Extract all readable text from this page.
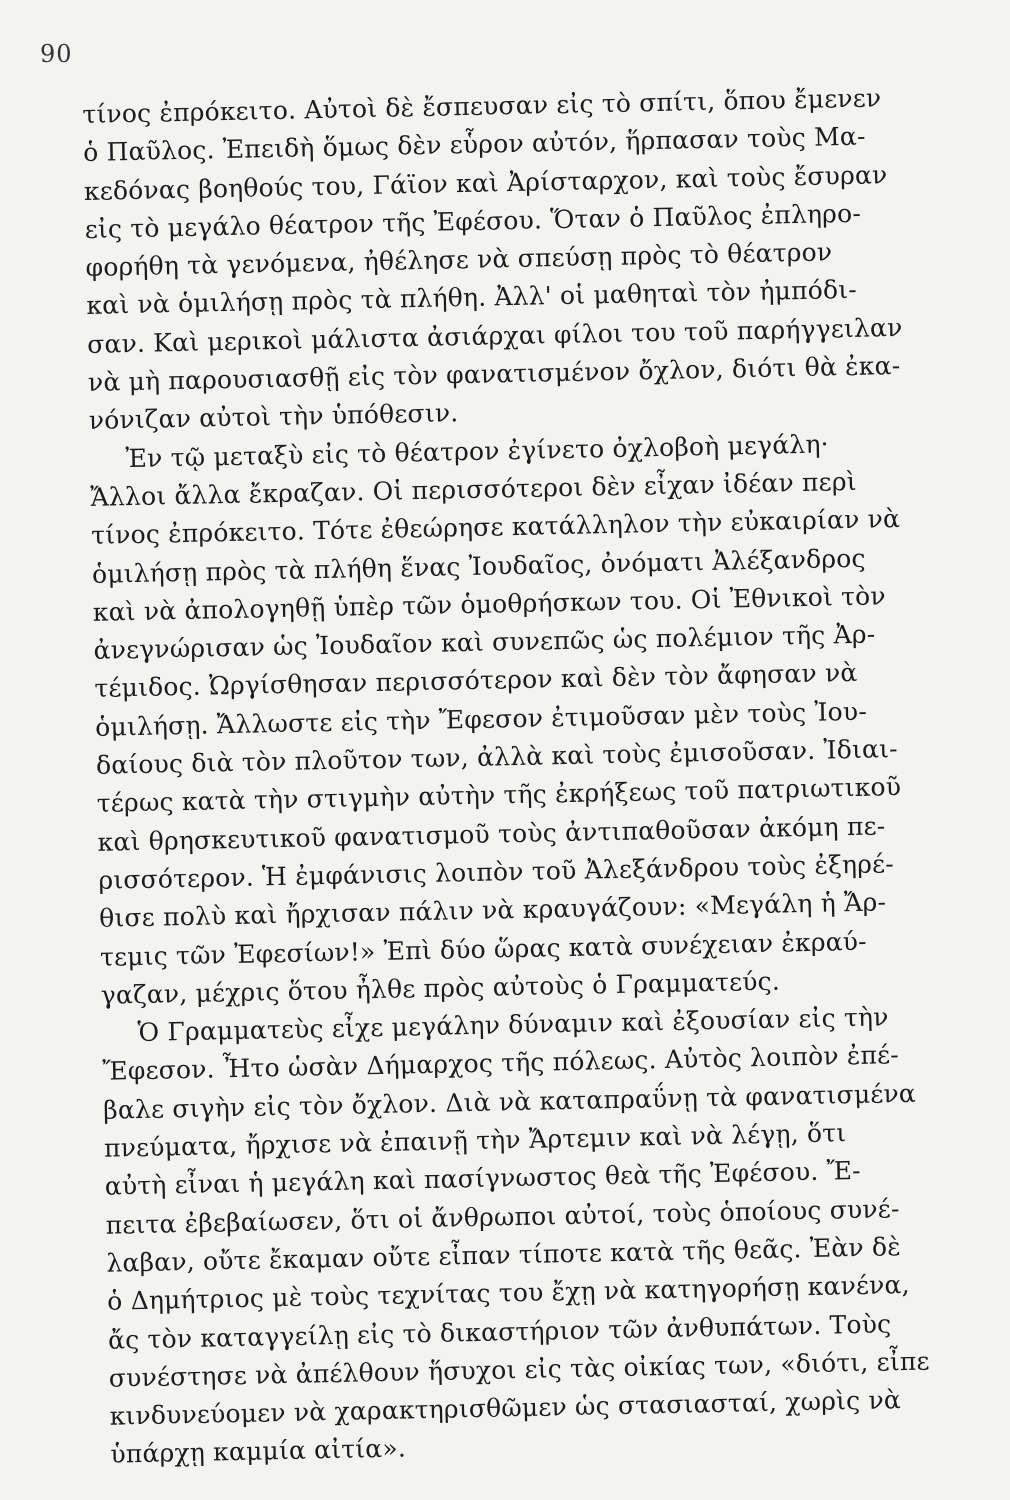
90
τίνος ἐπρόκειτο. Αὐτοὶ δὲ ἔσπευσαν εἰς τὸ σπίτι, ὅπου ἔμενεν
ὁ Παῦλος. Ἐπειδὴ ὅμως δὲν εὗρον αὐτόν, ἥρπασαν τοὺς Μα-
κεδόνας βοηθούς του, Γάϊον καὶ Ἀρίσταρχον, καὶ τοὺς ἔσυραν
εἰς τὸ μεγάλο θέατρον τῆς Ἐφέσου. Ὅταν ὁ Παῦλος ἐπληρο-
φορήθη τὰ γενόμενα, ἠθέλησε νὰ σπεύσῃ πρὸς τὸ θέατρον
καὶ νὰ ὁμιλήσῃ πρὸς τὰ πλήθη. Ἀλλ' οἱ μαθηταὶ τὸν ἠμπόδι-
σαν. Καὶ μερικοὶ μάλιστα ἀσιάρχαι φίλοι του τοῦ παρήγγειλαν
νὰ μὴ παρουσιασθῇ εἰς τὸν φανατισμένον ὄχλον, διότι θὰ ἐκα-
νόνιζαν αὐτοὶ τὴν ὑπόθεσιν.
Ἐν τῷ μεταξὺ εἰς τὸ θέατρον ἐγίνετο ὀχλοβοὴ μεγάλη·
Ἄλλοι ἄλλα ἔκραζαν. Οἱ περισσότεροι δὲν εἶχαν ἰδέαν περὶ
τίνος ἐπρόκειτο. Τότε ἐθεώρησε κατάλληλον τὴν εὐκαιρίαν νὰ
ὁμιλήσῃ πρὸς τὰ πλήθη ἕνας Ἰουδαῖος, ὀνόματι Ἀλέξανδρος
καὶ νὰ ἀπολογηθῇ ὑπὲρ τῶν ὁμοθρήσκων του. Οἱ Ἐθνικοὶ τὸν
ἀνεγνώρισαν ὡς Ἰουδαῖον καὶ συνεπῶς ὡς πολέμιον τῆς Ἀρ-
τέμιδος. Ὠργίσθησαν περισσότερον καὶ δὲν τὸν ἄφησαν νὰ
ὁμιλήσῃ. Ἄλλωστε εἰς τὴν Ἔφεσον ἐτιμοῦσαν μὲν τοὺς Ἰου-
δαίους διὰ τὸν πλοῦτον των, ἀλλὰ καὶ τοὺς ἐμισοῦσαν. Ἰδιαι-
τέρως κατὰ τὴν στιγμὴν αὐτὴν τῆς ἐκρήξεως τοῦ πατριωτικοῦ
καὶ θρησκευτικοῦ φανατισμοῦ τοὺς ἀντιπαθοῦσαν ἀκόμη πε-
ρισσότερον. Ἡ ἐμφάνισις λοιπὸν τοῦ Ἀλεξάνδρου τοὺς ἐξηρέ-
θισε πολὺ καὶ ἤρχισαν πάλιν νὰ κραυγάζουν: «Μεγάλη ἡ Ἄρ-
τεμις τῶν Ἐφεσίων!» Ἐπὶ δύο ὥρας κατὰ συνέχειαν ἐκραύ-
γαζαν, μέχρις ὅτου ἦλθε πρὸς αὐτοὺς ὁ Γραμματεύς.
Ὁ Γραμματεὺς εἶχε μεγάλην δύναμιν καὶ ἐξουσίαν εἰς τὴν
Ἔφεσον. Ἦτο ὡσὰν Δήμαρχος τῆς πόλεως. Αὐτὸς λοιπὸν ἐπέ-
βαλε σιγὴν εἰς τὸν ὄχλον. Διὰ νὰ καταπραΰνῃ τὰ φανατισμένα
πνεύματα, ἤρχισε νὰ ἐπαινῇ τὴν Ἄρτεμιν καὶ νὰ λέγῃ, ὅτι
αὐτὴ εἶναι ἡ μεγάλη καὶ πασίγνωστος θεὰ τῆς Ἐφέσου. Ἔ-
πειτα ἐβεβαίωσεν, ὅτι οἱ ἄνθρωποι αὐτοί, τοὺς ὁποίους συνέ-
λαβαν, οὔτε ἔκαμαν οὔτε εἶπαν τίποτε κατὰ τῆς θεᾶς. Ἐὰν δὲ
ὁ Δημήτριος μὲ τοὺς τεχνίτας του ἔχῃ νὰ κατηγορήσῃ κανένα,
ἄς τὸν καταγγείλῃ εἰς τὸ δικαστήριον τῶν ἀνθυπάτων. Τοὺς
συνέστησε νὰ ἀπέλθουν ἥσυχοι εἰς τὰς οἰκίας των, «διότι, εἶπε
κινδυνεύομεν νὰ χαρακτηρισθῶμεν ὡς στασιασταί, χωρὶς νὰ
ὑπάρχῃ καμμία αἰτία».
